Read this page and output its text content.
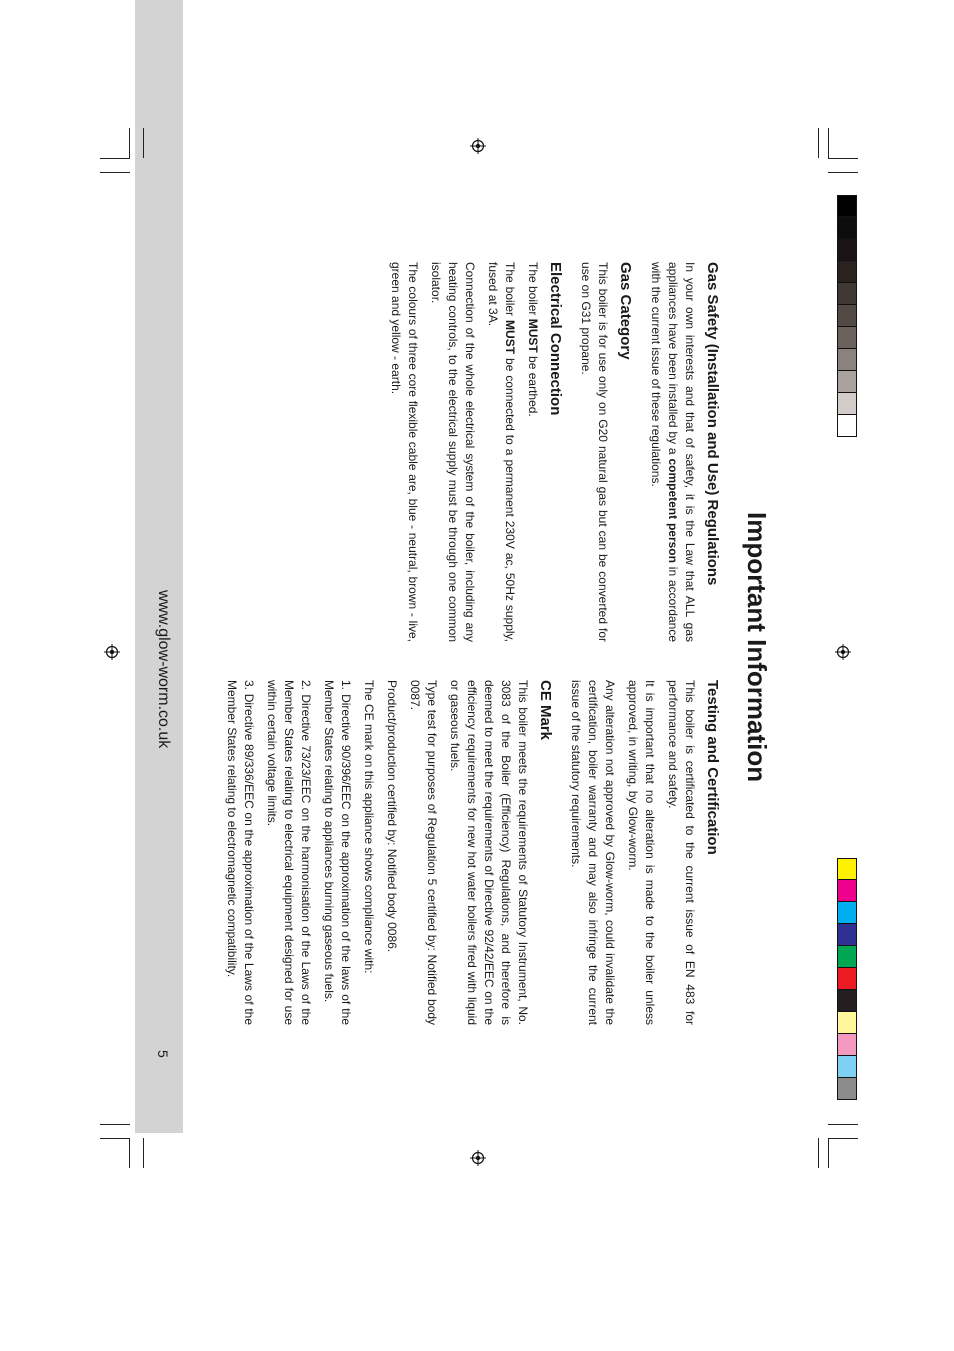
Important Information
Testing and Certification

This boiler is certificated to the current issue of EN 483 for performance and safety.

It is important that no alteration is made to the boiler unless approved, in writing, by Glow-worm.

Any alteration not approved by Glow-worm, could invalidate the certification, boiler warranty and may also infringe the current issue of the statutory requirements.

CE Mark

This boiler meets the requirements of Statutory Instrument, No. 3083 of the Boiler (Efficiency) Regulations, and therefore is deemed to meet the requirements of Directive 92/42/EEC on the efficiency requirements for new hot water boilers fired with liquid or gaseous fuels.

Type test for purposes of Regulation 5 certified by: Notified body 0087.

Product/production certified by: Notified body 0086.

The CE mark on this appliance shows compliance with:

1. Directive 90/396/EEC on the approximation of the laws of the Member States relating to appliances burning gaseous fuels.
2. Directive 73/23/EEC on the harmonisation of the Laws of the Member States relating to electrical equipment designed for use within certain voltage limits.
3. Directive 89/336/EEC on the approximation of the Laws of the Member States relating to electromagnetic compatibility.
Gas Safety (Installation and Use) Regulations

In your own interests and that of safety, it is the Law that ALL gas appliances have been installed by a competent person in accordance with the current issue of these regulations.

Gas Category

This boiler is for use only on G20 natural gas but can be converted for use on G31 propane.

Electrical Connection

The boiler MUST be earthed.

The boiler MUST be connected to a permanent 230V ac, 50Hz supply, fused at 3A.

Connection of the whole electrical system of the boiler, including any heating controls, to the electrical supply must be through one common isolator.

The colours of three core flexible cable are, blue - neutral, brown - live, green and yellow - earth.

www.glow-worm.co.uk
5
